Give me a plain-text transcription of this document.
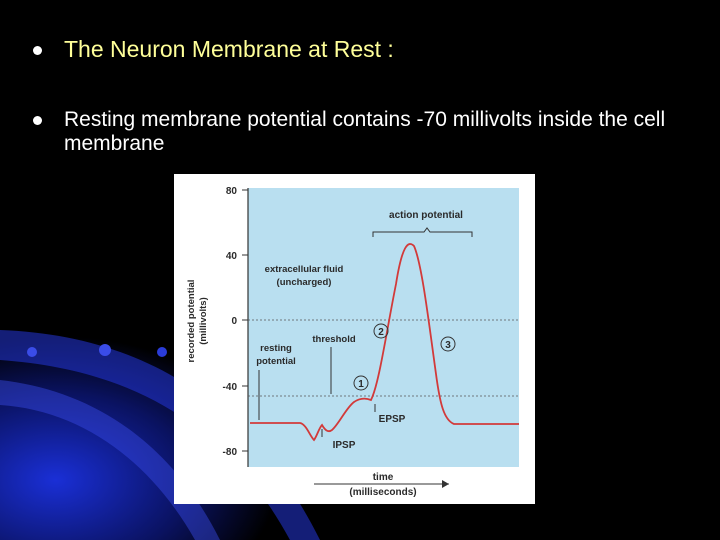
The Neuron Membrane at Rest :
Resting membrane potential contains -70 millivolts inside the cell membrane
80
40
0
-40
-80
recorded potential (millivolts)
action potential
extracellular fluid
(uncharged)
threshold
resting
potential
2
3
1
EPSP
IPSP
time
(milliseconds)
